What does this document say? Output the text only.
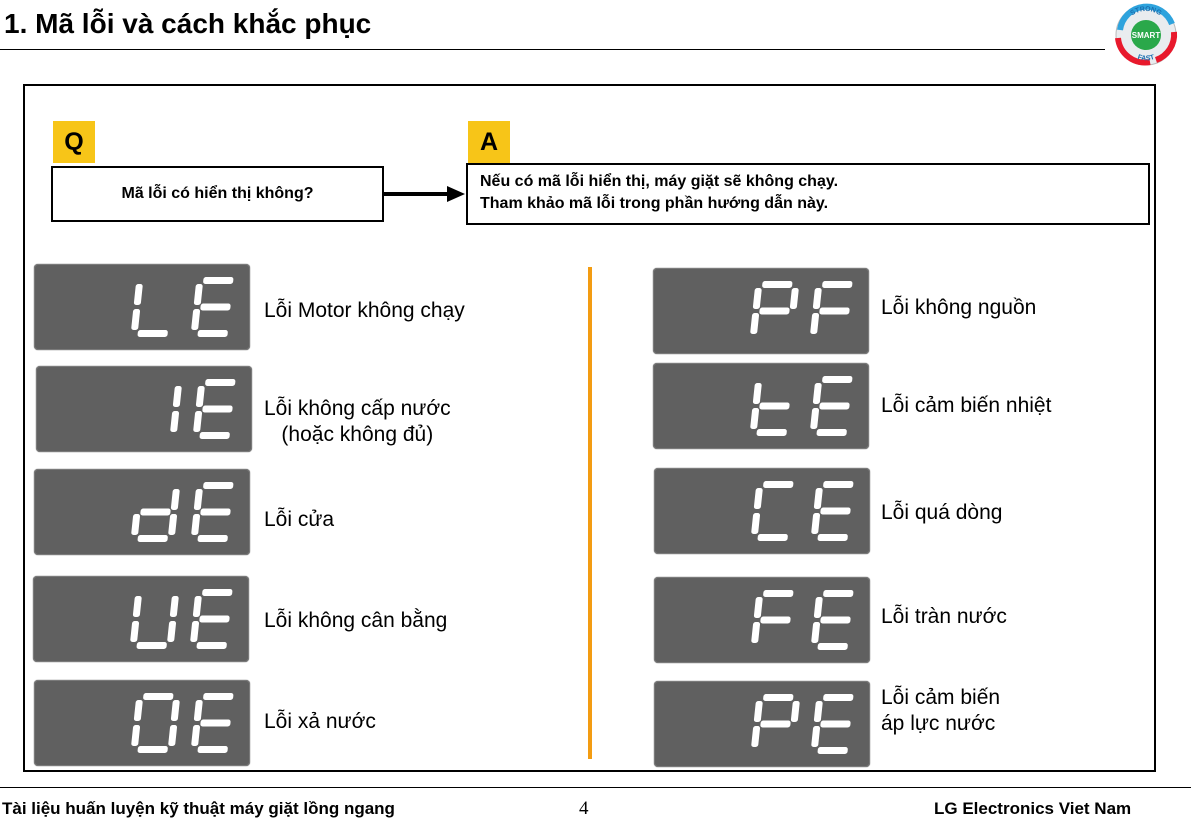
1. Mã lỗi và cách khắc phục	SMART
STRONG
FAST
Q
Mã lỗi có hiển thị không?
A
Nếu có mã lỗi hiển thị, máy giặt sẽ không chạy.
Tham khảo mã lỗi trong phần hướng dẫn này.
Lỗi Motor không chạy
Lỗi không cấp nước
(hoặc không đủ)
Lỗi cửa
Lỗi không cân bằng
Lỗi xả nước
Lỗi không nguồn
Lỗi cảm biến nhiệt
Lỗi quá dòng
Lỗi tràn nước
Lỗi cảm biến
áp lực nước
Tài liệu huấn luyện kỹ thuật máy giặt lồng ngang	4	LG Electronics Viet Nam
